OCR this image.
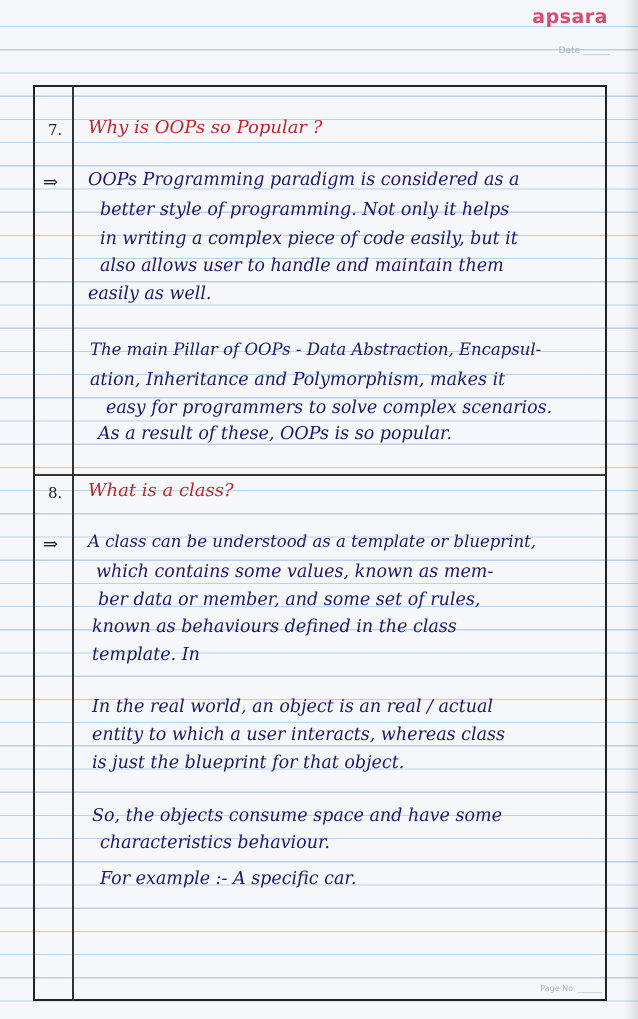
apsara
Date ______
Page No. ______
7. Why is OOPs so Popular ?
⇒ OOPs Programming paradigm is considered as a
better style of programming. Not only it helps
in writing a complex piece of code easily, but it
also allows user to handle and maintain them
easily as well.
The main Pillar of OOPs - Data Abstraction, Encapsul-
ation, Inheritance and Polymorphism, makes it
easy for programmers to solve complex scenarios.
As a result of these, OOPs is so popular.
8. What is a class?
⇒ A class can be understood as a template or blueprint,
which contains some values, known as mem-
ber data or member, and some set of rules,
known as behaviours defined in the class
template. In
In the real world, an object is an real / actual
entity to which a user interacts, whereas class
is just the blueprint for that object.
So, the objects consume space and have some
characteristics behaviour.
For example :- A specific car.
